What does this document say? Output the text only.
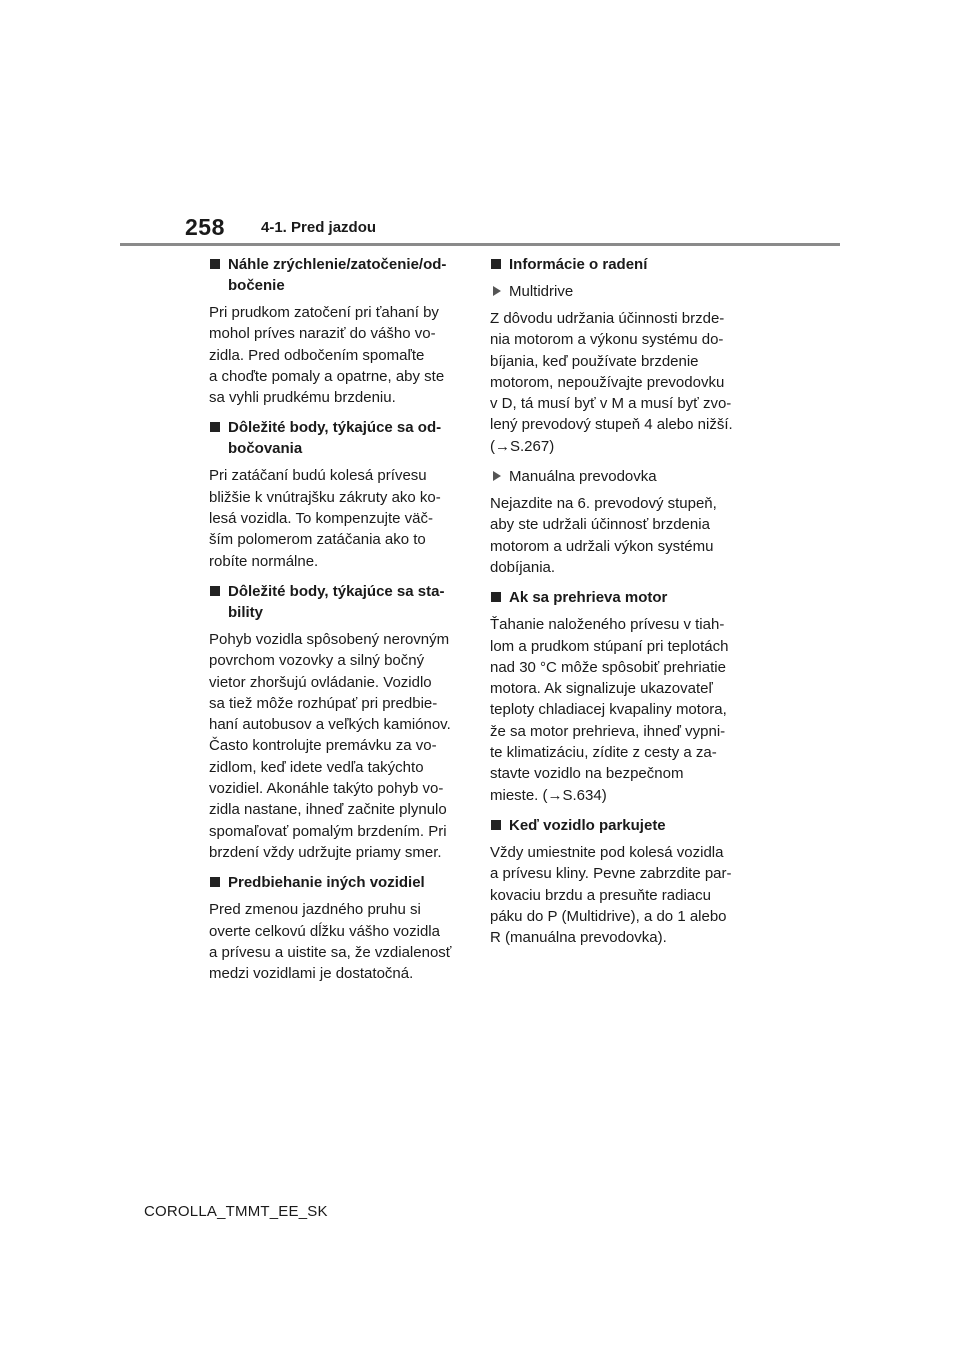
258 4-1. Pred jazdou
Náhle zrýchlenie/zatočenie/od-
bočenie

Pri prudkom zatočení pri ťahaní by
mohol príves naraziť do vášho vo-
zidla. Pred odbočením spomaľte
a choďte pomaly a opatrne, aby ste
sa vyhli prudkému brzdeniu.

Dôležité body, týkajúce sa od-
bočovania

Pri zatáčaní budú kolesá prívesu
bližšie k vnútrajšku zákruty ako ko-
lesá vozidla. To kompenzujte väč-
ším polomerom zatáčania ako to
robíte normálne.

Dôležité body, týkajúce sa sta-
bility

Pohyb vozidla spôsobený nerovným
povrchom vozovky a silný bočný
vietor zhoršujú ovládanie. Vozidlo
sa tiež môže rozhúpať pri predbie-
haní autobusov a veľkých kamiónov.
Často kontrolujte premávku za vo-
zidlom, keď idete vedľa takýchto
vozidiel. Akonáhle takýto pohyb vo-
zidla nastane, ihneď začnite plynulo
spomaľovať pomalým brzdením. Pri
brzdení vždy udržujte priamy smer.

Predbiehanie iných vozidiel

Pred zmenou jazdného pruhu si
overte celkovú dĺžku vášho vozidla
a prívesu a uistite sa, že vzdialenosť
medzi vozidlami je dostatočná.

Informácie o radení
Multidrive

Z dôvodu udržania účinnosti brzde-
nia motorom a výkonu systému do-
bíjania, keď používate brzdenie
motorom, nepoužívajte prevodovku
v D, tá musí byť v M a musí byť zvo-
lený prevodový stupeň 4 alebo nižší.
(→S.267)

Manuálna prevodovka

Nejazdite na 6. prevodový stupeň,
aby ste udržali účinnosť brzdenia
motorom a udržali výkon systému
dobíjania.

Ak sa prehrieva motor

Ťahanie naloženého prívesu v tiah-
lom a prudkom stúpaní pri teplotách
nad 30 °C môže spôsobiť prehriatie
motora. Ak signalizuje ukazovateľ
teploty chladiacej kvapaliny motora,
že sa motor prehrieva, ihneď vypni-
te klimatizáciu, zídite z cesty a za-
stavte vozidlo na bezpečnom
mieste. (→S.634)

Keď vozidlo parkujete

Vždy umiestnite pod kolesá vozidla
a prívesu kliny. Pevne zabrzdite par-
kovaciu brzdu a presuňte radiacu
páku do P (Multidrive), a do 1 alebo
R (manuálna prevodovka).

COROLLA_TMMT_EE_SK
